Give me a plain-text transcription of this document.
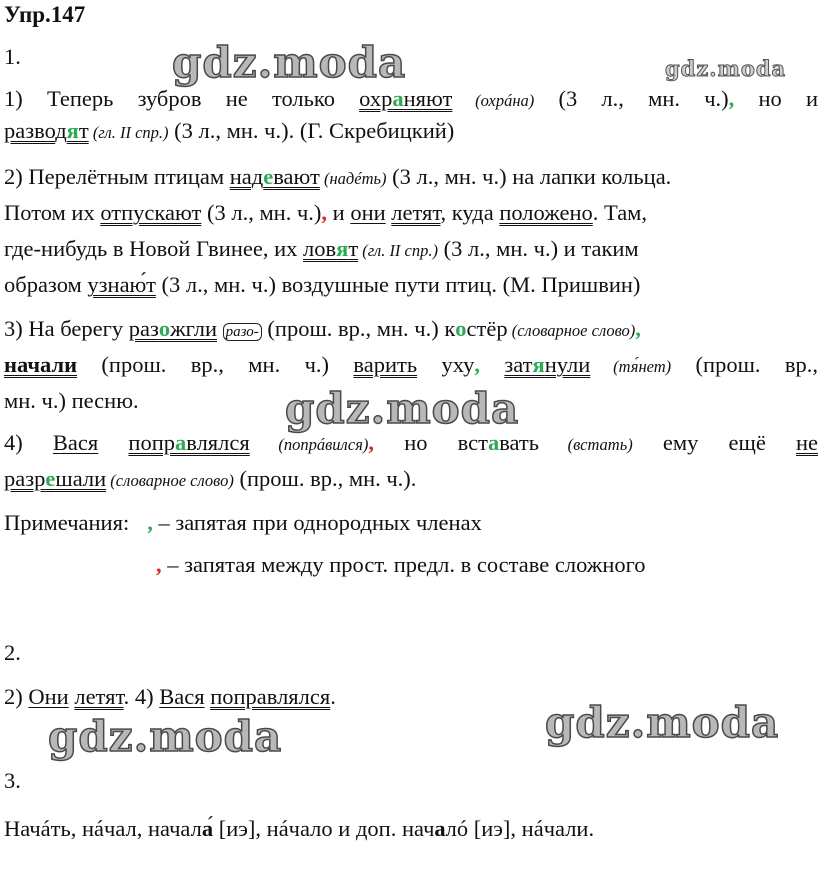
Упр.147
1.
1) Теперь зубров не только охраняют (охрáна) (3 л., мн. ч.), но и
разводят (гл. II спр.) (3 л., мн. ч.). (Г. Скребицкий)
2) Перелётным птицам надевают (надéть) (3 л., мн. ч.) на лапки кольца.
Потом их отпускают (3 л., мн. ч.), и они летят, куда положено. Там,
где-нибудь в Новой Гвинее, их ловят (гл. II спр.) (3 л., мн. ч.) и таким
образом узнаю́т (3 л., мн. ч.) воздушные пути птиц. (М. Пришвин)
3) На берегу разожгли разо- (прош. вр., мн. ч.) костёр (словарное слово),
начали (прош. вр., мн. ч.) варить уху, затянули (тя́нет) (прош. вр.,
мн. ч.) песню.
4) Вася поправлялся (попрáвился), но вставать (встать) ему ещё не
разрешали (словарное слово) (прош. вр., мн. ч.).
Примечания: , – запятая при однородных членах
, – запятая между прост. предл. в составе сложного
2.
2) Они летят. 4) Вася поправлялся.
3.
Начáть, нáчал, начала́ [иэ], нáчало и доп. началó [иэ], нáчали.
gdz.moda	gdz.moda
gdz.moda
gdz.moda
gdz.moda
